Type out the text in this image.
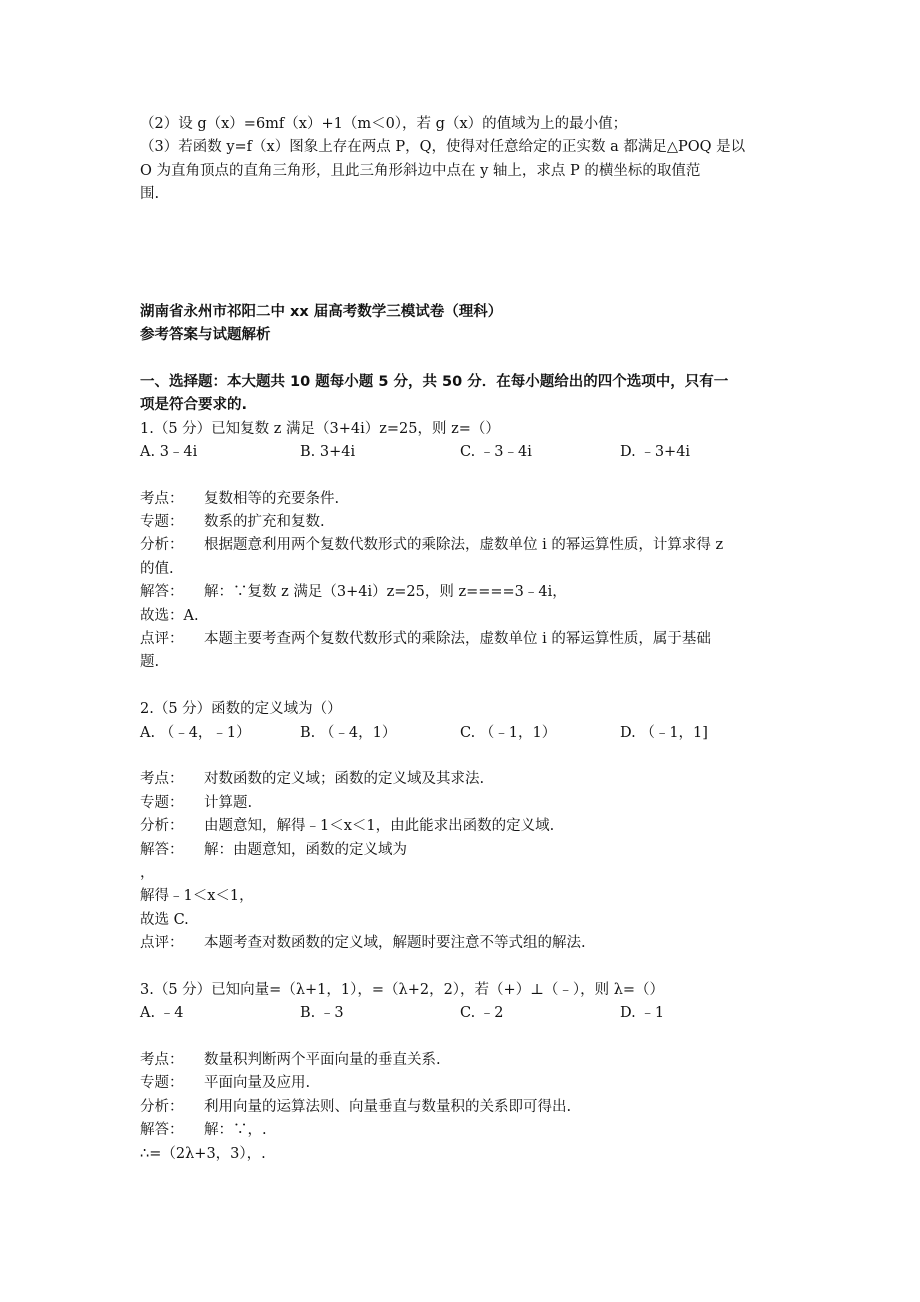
（2）设 g（x）=6mf（x）+1（m＜0），若 g（x）的值域为上的最小值；
（3）若函数 y=f（x）图象上存在两点 P，Q，使得对任意给定的正实数 a 都满足△POQ 是以
O 为直角顶点的直角三角形，且此三角形斜边中点在 y 轴上，求点 P 的横坐标的取值范
围.
湖南省永州市祁阳二中 xx 届高考数学三模试卷（理科）
参考答案与试题解析
一、选择题：本大题共 10 题每小题 5 分，共 50 分．在每小题给出的四个选项中，只有一
项是符合要求的.
1.（5 分）已知复数 z 满足（3+4i）z=25，则 z=（）
A. 3﹣4i	B. 3+4i	C. ﹣3﹣4i	D. ﹣3+4i
考点：	复数相等的充要条件.
专题：	数系的扩充和复数.
分析：	根据题意利用两个复数代数形式的乘除法，虚数单位 i 的幂运算性质，计算求得 z
的值.
解答：	解：∵复数 z 满足（3+4i）z=25，则 z====3﹣4i，
故选：A.
点评：	本题主要考查两个复数代数形式的乘除法，虚数单位 i 的幂运算性质，属于基础
题.
2.（5 分）函数的定义域为（）
A. （﹣4，﹣1）	B. （﹣4，1）	C. （﹣1，1）	D. （﹣1，1]
考点：	对数函数的定义域；函数的定义域及其求法.
专题：	计算题.
分析：	由题意知，解得﹣1＜x＜1，由此能求出函数的定义域.
解答：	解：由题意知，函数的定义域为
，
解得﹣1＜x＜1，
故选 C.
点评：	本题考查对数函数的定义域，解题时要注意不等式组的解法.
3.（5 分）已知向量=（λ+1，1），=（λ+2，2），若（+）⊥（﹣），则 λ=（）
A. ﹣4	B. ﹣3	C. ﹣2	D. ﹣1
考点：	数量积判断两个平面向量的垂直关系.
专题：	平面向量及应用.
分析：	利用向量的运算法则、向量垂直与数量积的关系即可得出.
解答：	解：∵，.
∴=（2λ+3，3），.
